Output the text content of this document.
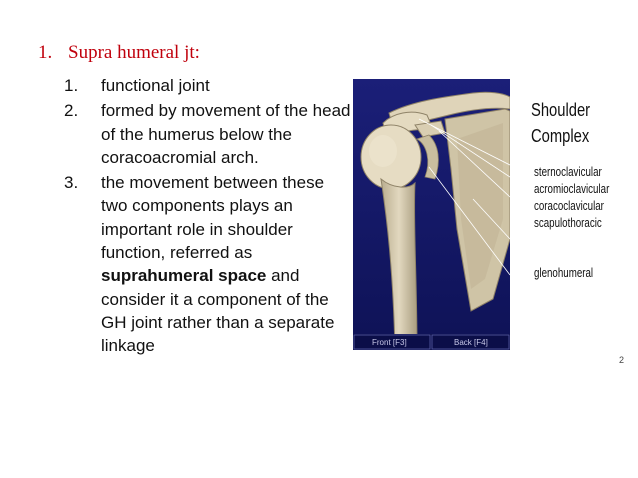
1. Supra humeral jt:
1. functional joint
2. formed by movement of the head of the humerus below the coracoacromial arch.
3. the movement between these two components plays an important role in shoulder function, referred as suprahumeral space and consider it a component of the GH joint rather than a separate linkage	Front [F3]	Back [F4]
Shoulder
Complex
sternoclavicular
acromioclavicular
coracoclavicular
scapulothoracic
glenohumeral
2
